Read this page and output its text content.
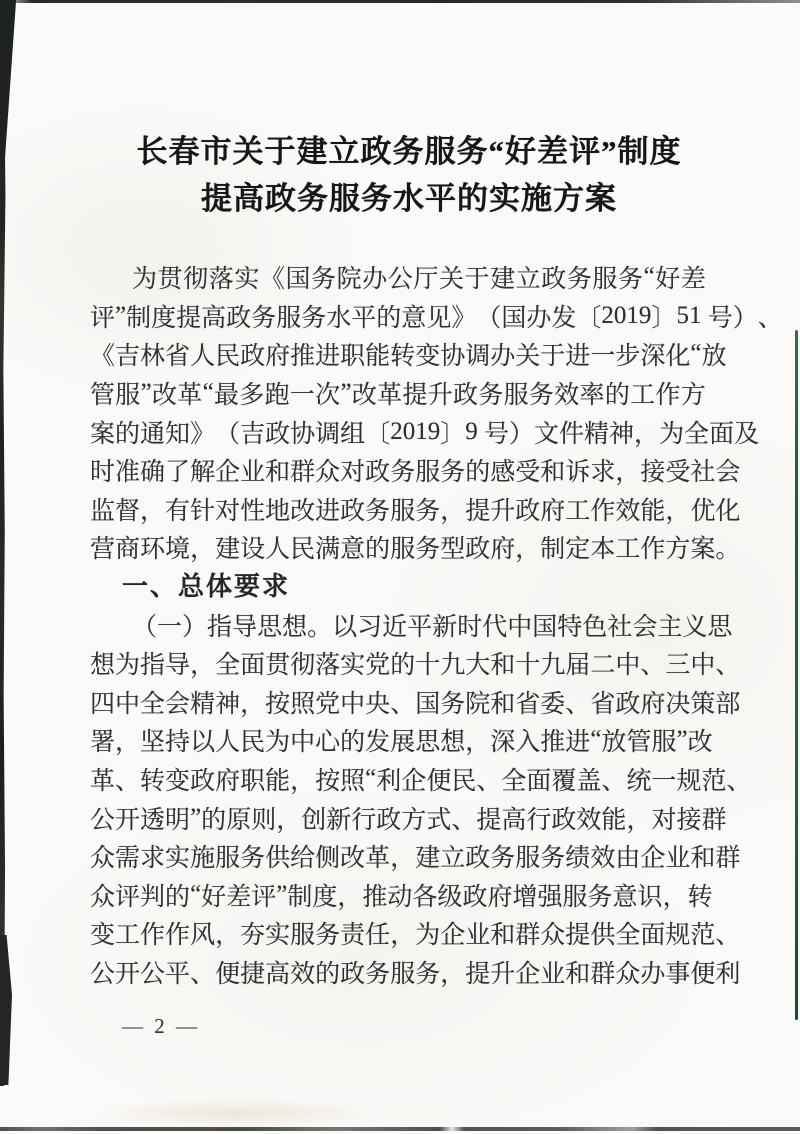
长春市关于建立政务服务“好差评”制度
提高政务服务水平的实施方案
为 贯 彻 落 实 《 国 务 院 办 公 厅 关 于 建 立 政 务 服 务 “ 好 差
评 ” 制 度 提 高 政 务 服 务 水 平 的 意 见 》 （ 国 办 发 〔 2019 〕 51 号 ） 、
《 吉 林 省 人 民 政 府 推 进 职 能 转 变 协 调 办 关 于 进 一 步 深 化 “ 放
管 服 ” 改 革 “ 最 多 跑 一 次 ” 改 革 提 升 政 务 服 务 效 率 的 工 作 方
案 的 通 知 》 （ 吉 政 协 调 组 〔 2019 〕 9 号 ） 文 件 精 神 ， 为 全 面 及
时 准 确 了 解 企 业 和 群 众 对 政 务 服 务 的 感 受 和 诉 求 ， 接 受 社 会
监 督 ， 有 针 对 性 地 改 进 政 务 服 务 ， 提 升 政 府 工 作 效 能 ， 优 化
营 商 环 境 ， 建 设 人 民 满 意 的 服 务 型 政 府 ， 制 定 本 工 作 方 案 。
一、总体要求
（ 一 ） 指 导 思 想 。 以 习 近 平 新 时 代 中 国 特 色 社 会 主 义 思
想 为 指 导 ， 全 面 贯 彻 落 实 党 的 十 九 大 和 十 九 届 二 中 、 三 中 、
四 中 全 会 精 神 ， 按 照 党 中 央 、 国 务 院 和 省 委 、 省 政 府 决 策 部
署 ， 坚 持 以 人 民 为 中 心 的 发 展 思 想 ， 深 入 推 进 “ 放 管 服 ” 改
革 、 转 变 政 府 职 能 ， 按 照 “ 利 企 便 民 、 全 面 覆 盖 、 统 一 规 范 、
公 开 透 明 ” 的 原 则 ， 创 新 行 政 方 式 、 提 高 行 政 效 能 ， 对 接 群
众 需 求 实 施 服 务 供 给 侧 改 革 ， 建 立 政 务 服 务 绩 效 由 企 业 和 群
众 评 判 的 “ 好 差 评 ” 制 度 ， 推 动 各 级 政 府 增 强 服 务 意 识 ， 转
变 工 作 作 风 ， 夯 实 服 务 责 任 ， 为 企 业 和 群 众 提 供 全 面 规 范 、
公 开 公 平 、 便 捷 高 效 的 政 务 服 务 ， 提 升 企 业 和 群 众 办 事 便 利
— 2 —
